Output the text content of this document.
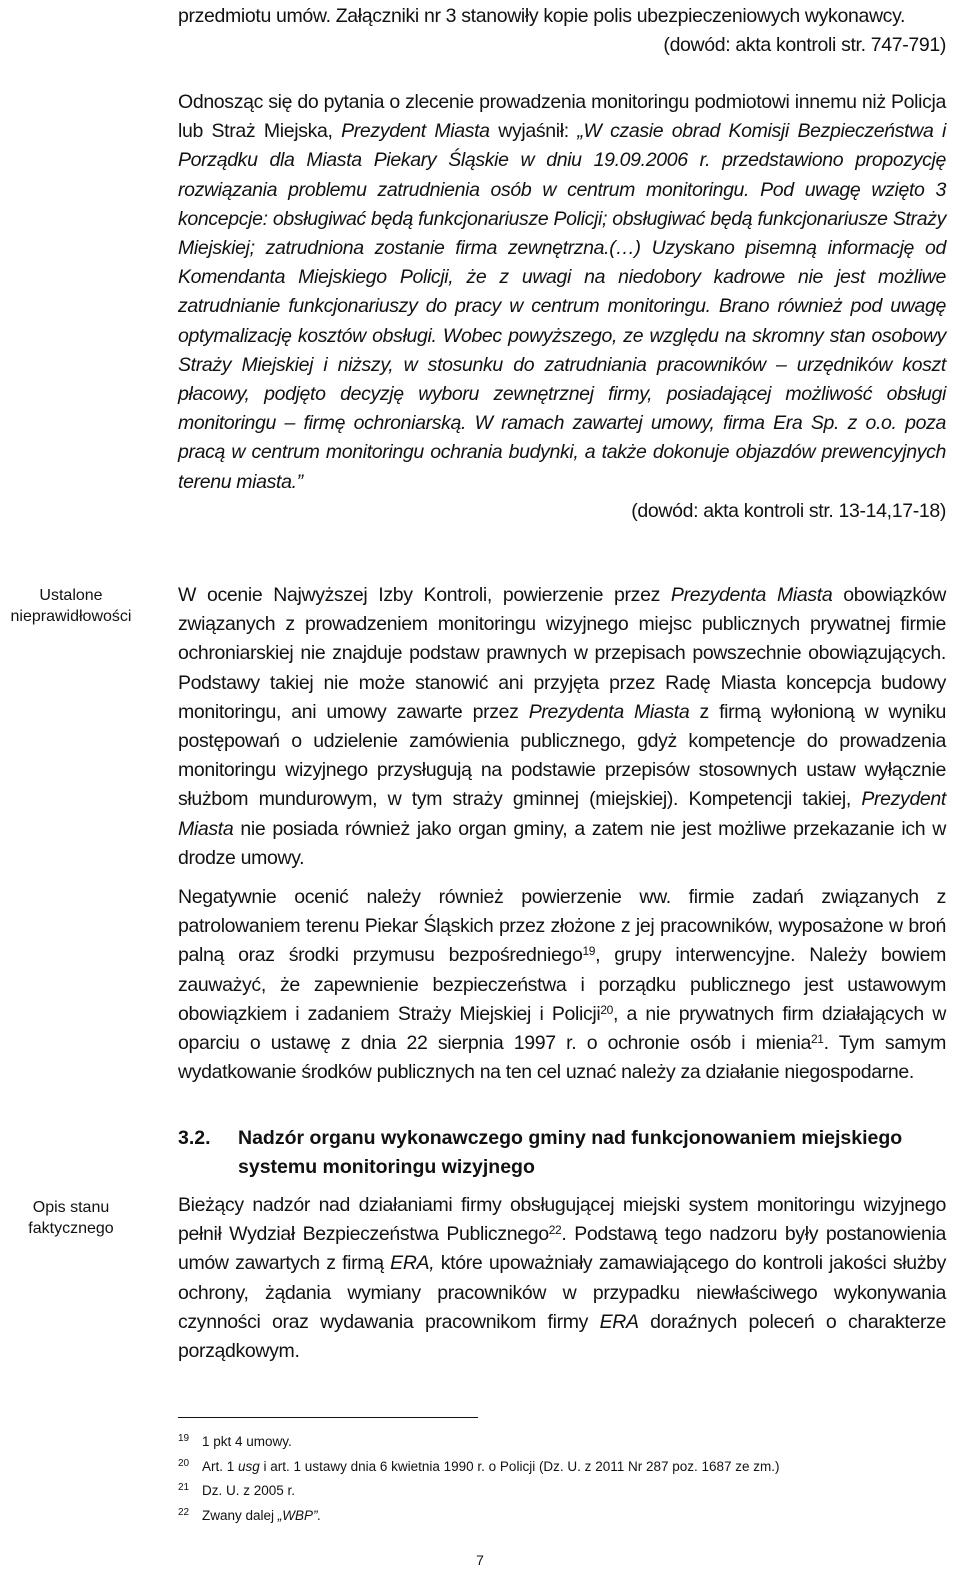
przedmiotu umów. Załączniki nr 3 stanowiły kopie polis ubezpieczeniowych wykonawcy.

(dowód: akta kontroli str. 747-791)

Odnosząc się do pytania o zlecenie prowadzenia monitoringu podmiotowi innemu niż Policja lub Straż Miejska, Prezydent Miasta wyjaśnił: „W czasie obrad Komisji Bezpieczeństwa i Porządku dla Miasta Piekary Śląskie w dniu 19.09.2006 r. przedstawiono propozycję rozwiązania problemu zatrudnienia osób w centrum monitoringu. Pod uwagę wzięto 3 koncepcje: obsługiwać będą funkcjonariusze Policji; obsługiwać będą funkcjonariusze Straży Miejskiej; zatrudniona zostanie firma zewnętrzna.(…) Uzyskano pisemną informację od Komendanta Miejskiego Policji, że z uwagi na niedobory kadrowe nie jest możliwe zatrudnianie funkcjonariuszy do pracy w centrum monitoringu. Brano również pod uwagę optymalizację kosztów obsługi. Wobec powyższego, ze względu na skromny stan osobowy Straży Miejskiej i niższy, w stosunku do zatrudniania pracowników – urzędników koszt płacowy, podjęto decyzję wyboru zewnętrznej firmy, posiadającej możliwość obsługi monitoringu – firmę ochroniarską. W ramach zawartej umowy, firma Era Sp. z o.o. poza pracą w centrum monitoringu ochrania budynki, a także dokonuje objazdów prewencyjnych terenu miasta.”

(dowód: akta kontroli str. 13-14,17-18)

Ustalone nieprawidłowości

W ocenie Najwyższej Izby Kontroli, powierzenie przez Prezydenta Miasta obowiązków związanych z prowadzeniem monitoringu wizyjnego miejsc publicznych prywatnej firmie ochroniarskiej nie znajduje podstaw prawnych w przepisach powszechnie obowiązujących. Podstawy takiej nie może stanowić ani przyjęta przez Radę Miasta koncepcja budowy monitoringu, ani umowy zawarte przez Prezydenta Miasta z firmą wyłonioną w wyniku postępowań o udzielenie zamówienia publicznego, gdyż kompetencje do prowadzenia monitoringu wizyjnego przysługują na podstawie przepisów stosownych ustaw wyłącznie służbom mundurowym, w tym straży gminnej (miejskiej). Kompetencji takiej, Prezydent Miasta nie posiada również jako organ gminy, a zatem nie jest możliwe przekazanie ich w drodze umowy.

Negatywnie ocenić należy również powierzenie ww. firmie zadań związanych z patrolowaniem terenu Piekar Śląskich przez złożone z jej pracowników, wyposażone w broń palną oraz środki przymusu bezpośredniego$^{19}$, grupy interwencyjne. Należy bowiem zauważyć, że zapewnienie bezpieczeństwa i porządku publicznego jest ustawowym obowiązkiem i zadaniem Straży Miejskiej i Policji$^{20}$, a nie prywatnych firm działających w oparciu o ustawę z dnia 22 sierpnia 1997 r. o ochronie osób i mienia$^{21}$. Tym samym wydatkowanie środków publicznych na ten cel uznać należy za działanie niegospodarne.

3.2. Nadzór organu wykonawczego gminy nad funkcjonowaniem miejskiego systemu monitoringu wizyjnego
Opis stanu faktycznego

Bieżący nadzór nad działaniami firmy obsługującej miejski system monitoringu wizyjnego pełnił Wydział Bezpieczeństwa Publicznego$^{22}$. Podstawą tego nadzoru były postanowienia umów zawartych z firmą ERA, które upoważniały zamawiającego do kontroli jakości służby ochrony, żądania wymiany pracowników w przypadku niewłaściwego wykonywania czynności oraz wydawania pracownikom firmy ERA doraźnych poleceń o charakterze porządkowym.

19 1 pkt 4 umowy.
20 Art. 1 usg i art. 1 ustawy dnia 6 kwietnia 1990 r. o Policji (Dz. U. z 2011 Nr 287 poz. 1687 ze zm.)
21 Dz. U. z 2005 r.
22 Zwany dalej „WBP”.
7
